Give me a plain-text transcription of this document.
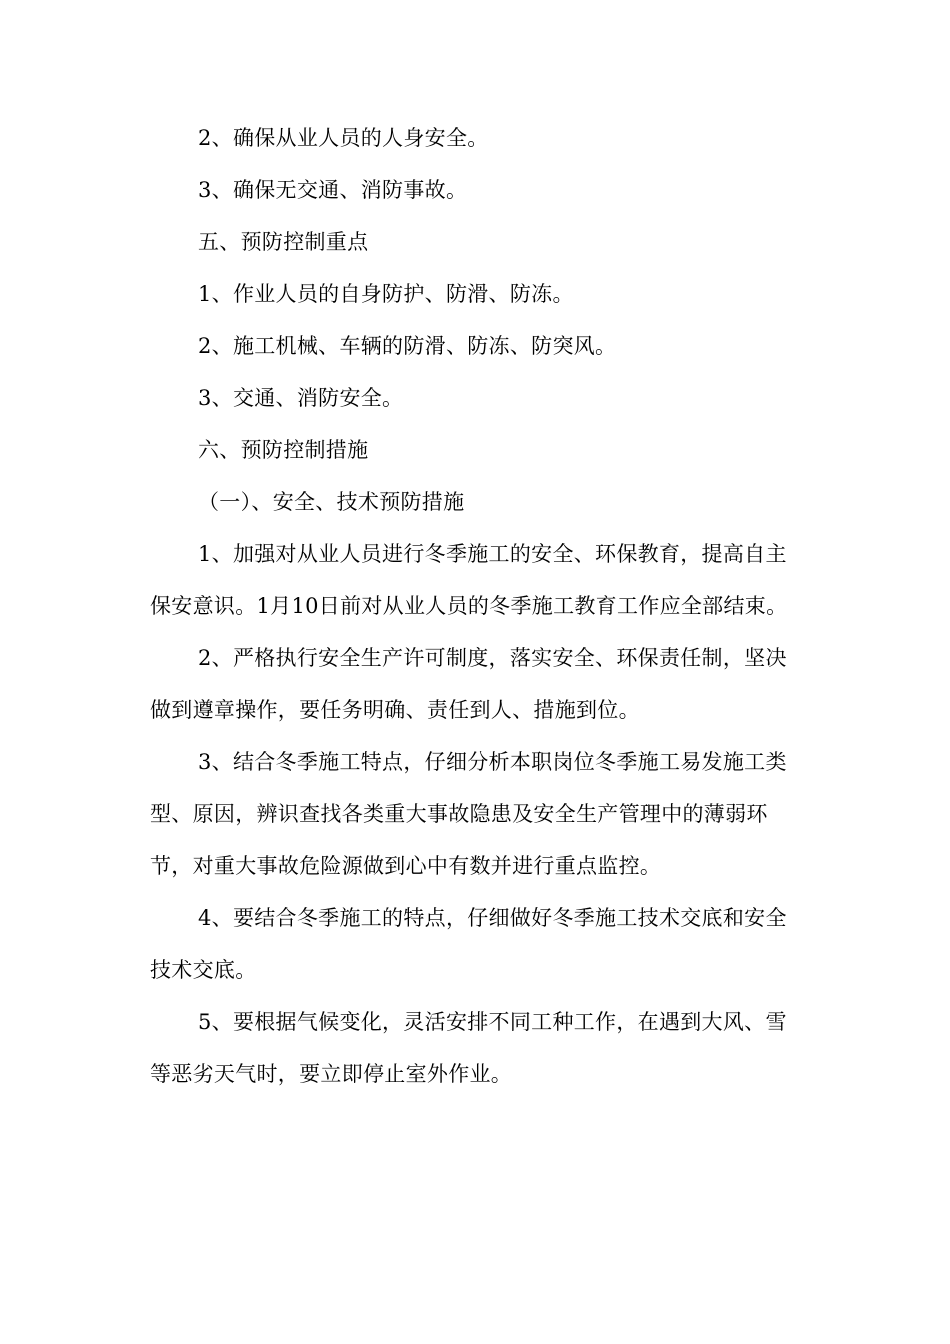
2、确保从业人员的人身安全。

3、确保无交通、消防事故。

五、预防控制重点

1、作业人员的自身防护、防滑、防冻。

2、施工机械、车辆的防滑、防冻、防突风。

3、交通、消防安全。

六、预防控制措施

（一）、安全、技术预防措施

1、加强对从业人员进行冬季施工的安全、环保教育，提高自主保安意识。1月10日前对从业人员的冬季施工教育工作应全部结束。

2、严格执行安全生产许可制度，落实安全、环保责任制，坚决做到遵章操作，要任务明确、责任到人、措施到位。

3、结合冬季施工特点，仔细分析本职岗位冬季施工易发施工类型、原因，辨识查找各类重大事故隐患及安全生产管理中的薄弱环节，对重大事故危险源做到心中有数并进行重点监控。

4、要结合冬季施工的特点，仔细做好冬季施工技术交底和安全技术交底。

5、要根据气候变化，灵活安排不同工种工作，在遇到大风、雪等恶劣天气时，要立即停止室外作业。
